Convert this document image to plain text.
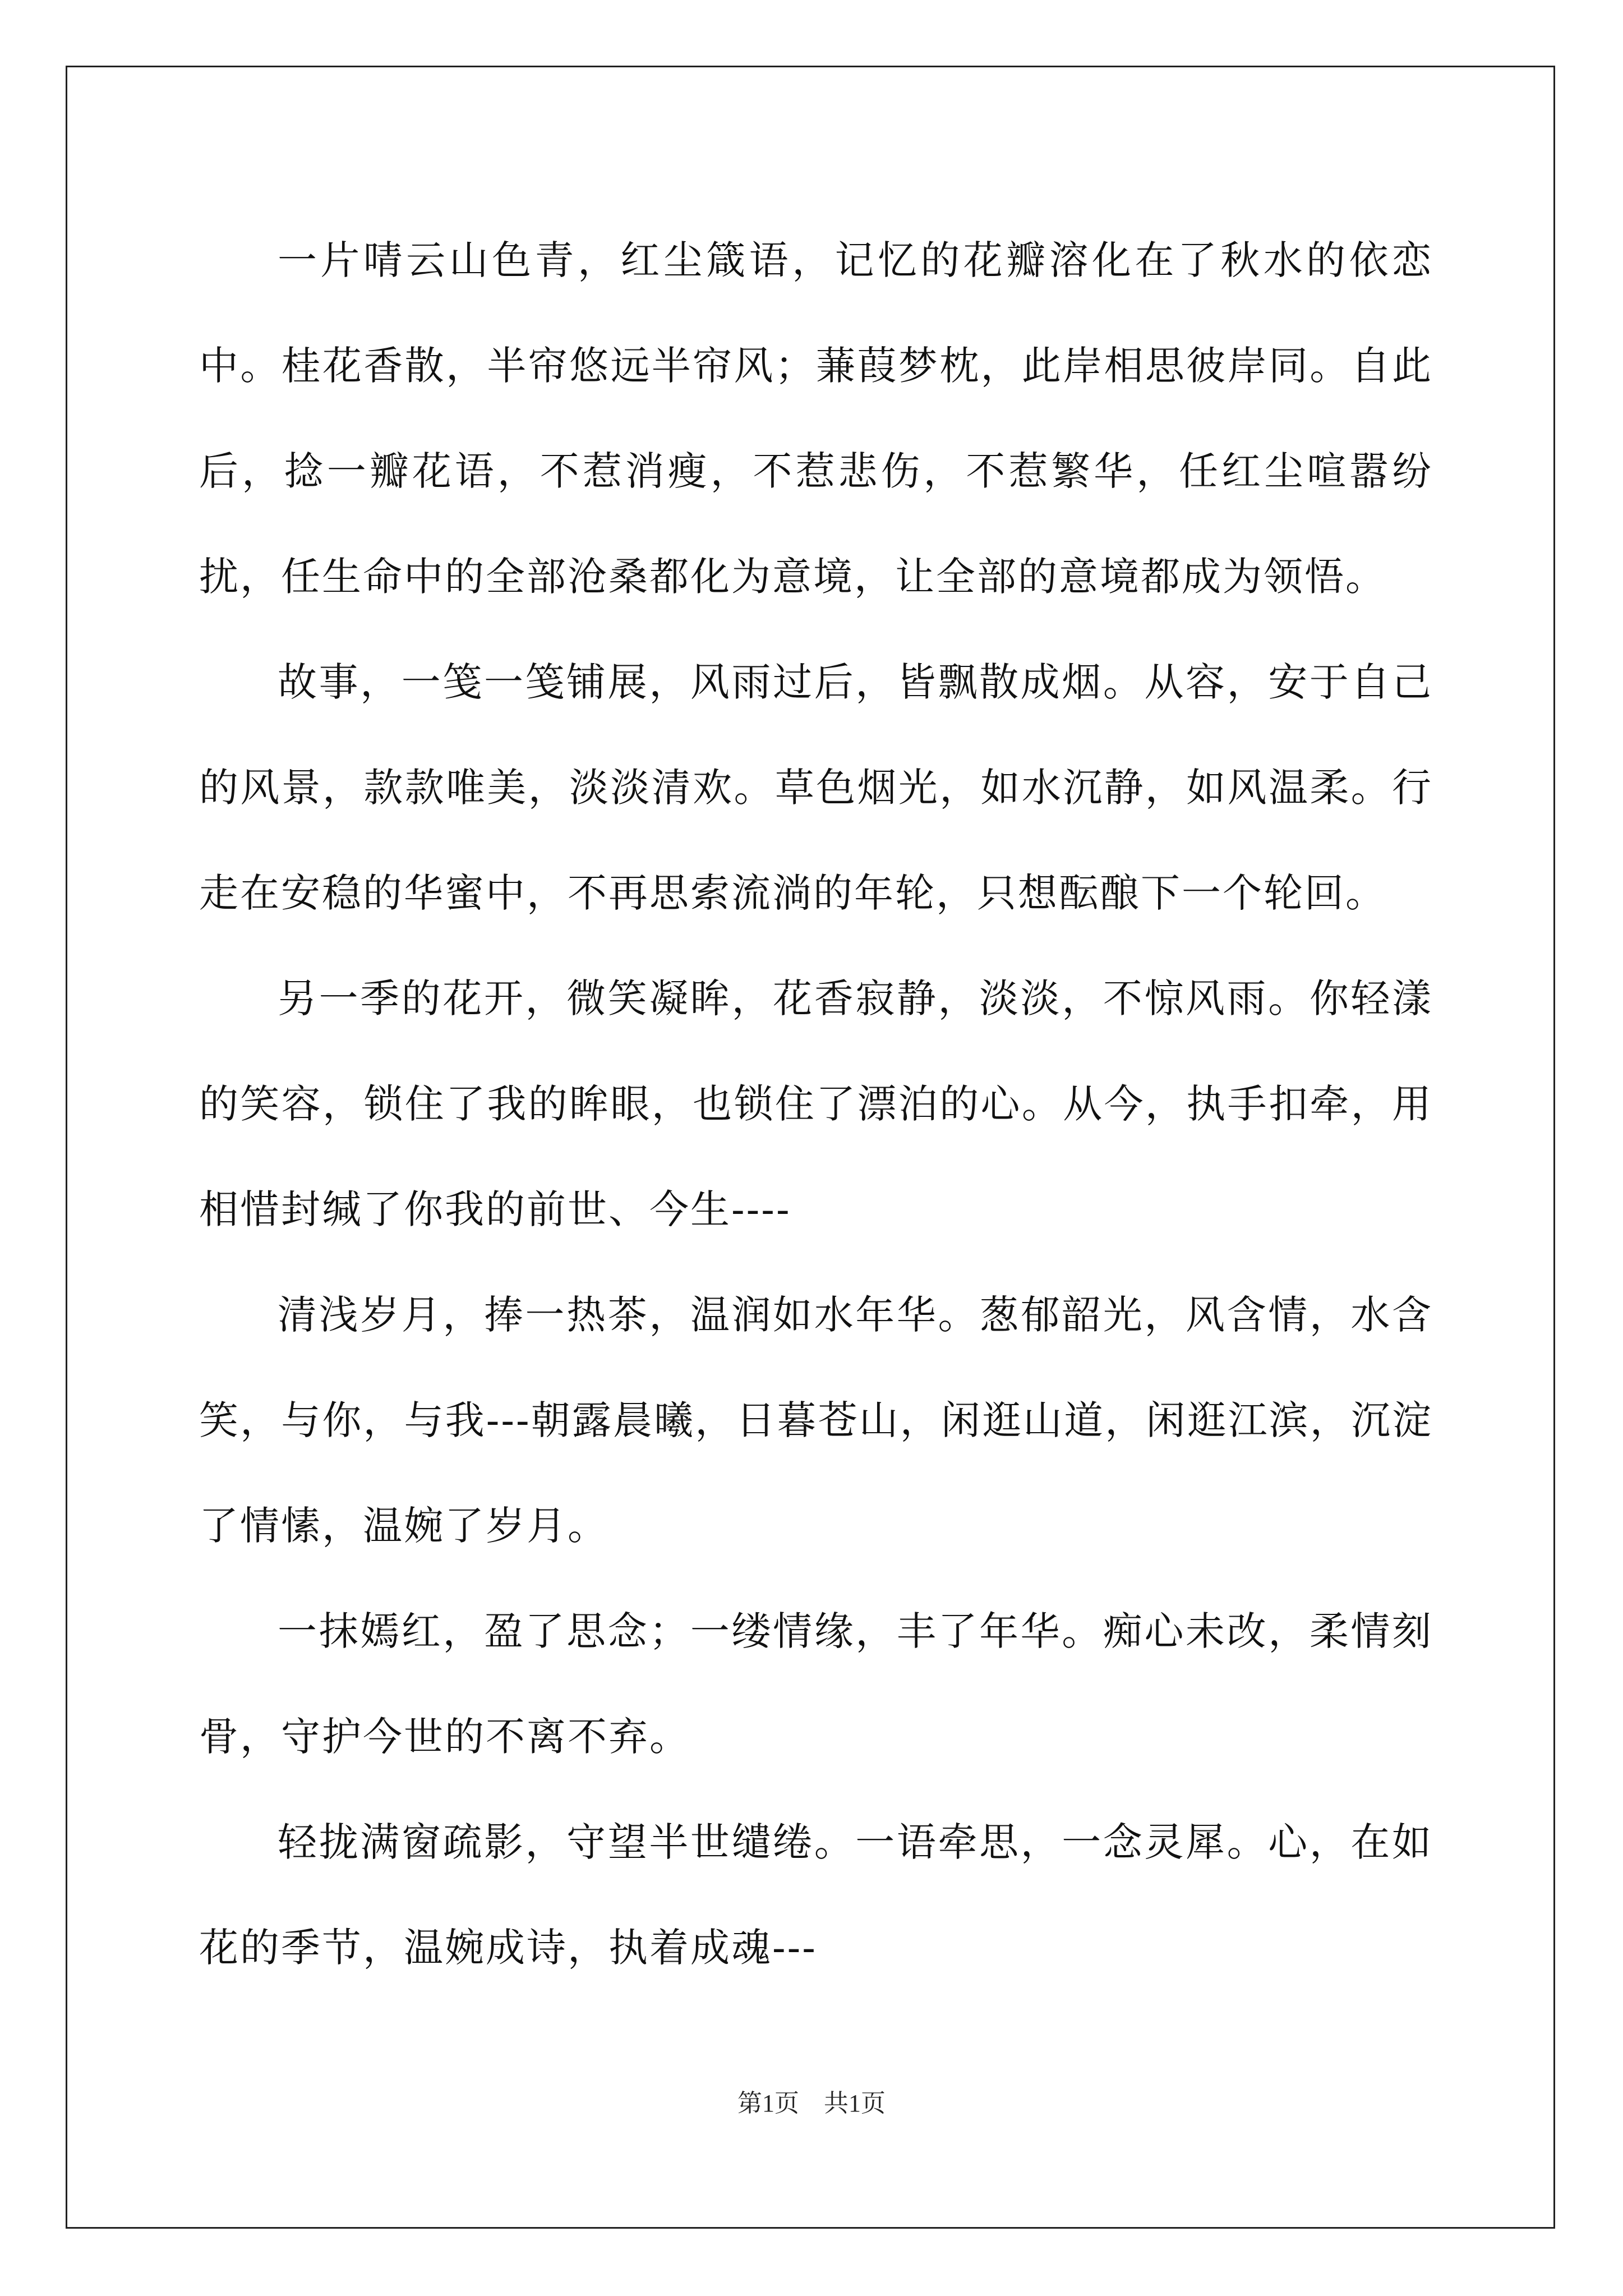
一片啨云山色青，红尘箴语，记忆的花瓣溶化在了秋水的依恋中。桂花香散，半帘悠远半帘风；蒹葭梦枕，此岸相思彼岸同。自此后，捻一瓣花语，不惹消瘦，不惹悲伤，不惹繁华，任红尘喧嚣纷扰，任生命中的全部沧桑都化为意境，让全部的意境都成为领悟。

故事，一笺一笺铺展，风雨过后，皆飘散成烟。从容，安于自己的风景，款款唯美，淡淡清欢。草色烟光，如水沉静，如风温柔。行走在安稳的华蜜中，不再思索流淌的年轮，只想酝酿下一个轮回。

另一季的花开，微笑凝眸，花香寂静，淡淡，不惊风雨。你轻漾的笑容，锁住了我的眸眼，也锁住了漂泊的心。从今，执手扣牵，用相惜封缄了你我的前世、今生----

清浅岁月，捧一热茶，温润如水年华。葱郁韶光，风含情，水含笑，与你，与我---朝露晨曦，日暮苍山，闲逛山道，闲逛江滨，沉淀了情愫，温婉了岁月。

一抹嫣红，盈了思念；一缕情缘，丰了年华。痴心未改，柔情刻骨，守护今世的不离不弃。

轻拢满窗疏影，守望半世缱绻。一语牵思，一念灵犀。心，在如花的季节，温婉成诗，执着成魂---

第1页 共1页
